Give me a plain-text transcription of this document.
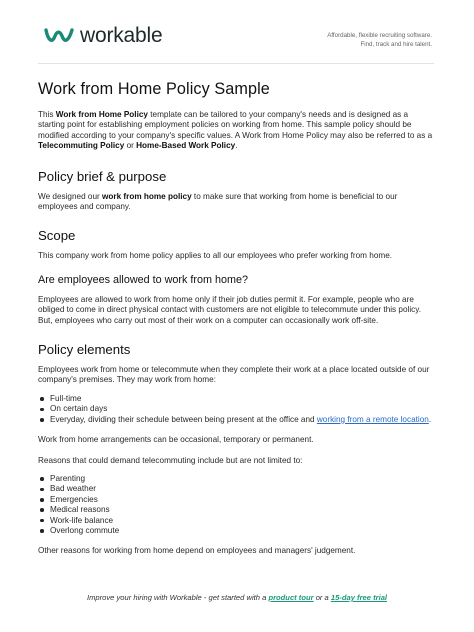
workable	Affordable, flexible recruiting software.
Find, track and hire talent.
Work from Home Policy Sample

This Work from Home Policy template can be tailored to your company's needs and is designed as a starting point for establishing employment policies on working from home. This sample policy should be modified according to your company's specific values. A Work from Home Policy may also be referred to as a Telecommuting Policy or Home-Based Work Policy.

Policy brief & purpose

We designed our work from home policy to make sure that working from home is beneficial to our employees and company.

Scope

This company work from home policy applies to all our employees who prefer working from home.

Are employees allowed to work from home?

Employees are allowed to work from home only if their job duties permit it. For example, people who are obliged to come in direct physical contact with customers are not eligible to telecommute under this policy. But, employees who carry out most of their work on a computer can occasionally work off-site.

Policy elements

Employees work from home or telecommute when they complete their work at a place located outside of our company's premises. They may work from home:

Full-time
On certain days
Everyday, dividing their schedule between being present at the office and working from a remote location.

Work from home arrangements can be occasional, temporary or permanent.

Reasons that could demand telecommuting include but are not limited to:

Parenting
Bad weather
Emergencies
Medical reasons
Work-life balance
Overlong commute

Other reasons for working from home depend on employees and managers' judgement.

Improve your hiring with Workable - get started with a product tour or a 15-day free trial
